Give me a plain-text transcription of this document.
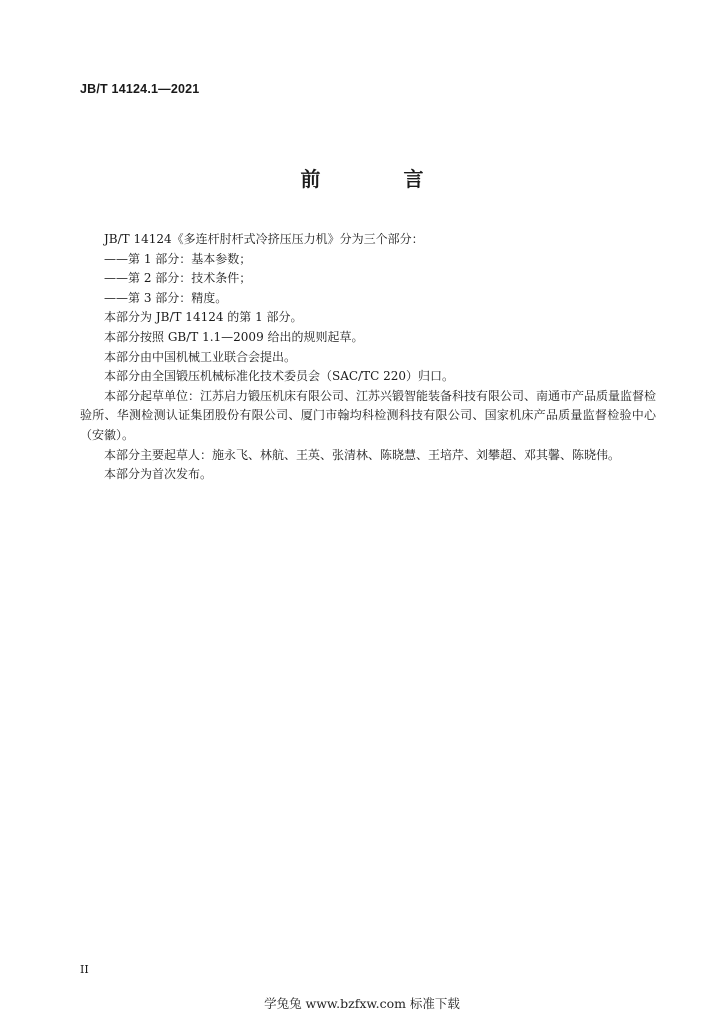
JB/T 14124.1—2021
前 言

JB/T 14124《多连杆肘杆式冷挤压压力机》分为三个部分：

——第 1 部分：基本参数；

——第 2 部分：技术条件；

——第 3 部分：精度。

本部分为 JB/T 14124 的第 1 部分。

本部分按照 GB/T 1.1—2009 给出的规则起草。

本部分由中国机械工业联合会提出。

本部分由全国锻压机械标准化技术委员会（SAC/TC 220）归口。

本部分起草单位：江苏启力锻压机床有限公司、江苏兴锻智能装备科技有限公司、南通市产品质量监督检验所、华测检测认证集团股份有限公司、厦门市翰均科检测科技有限公司、国家机床产品质量监督检验中心（安徽）。

本部分主要起草人：施永飞、林航、王英、张清林、陈晓慧、王培芹、刘攀超、邓其馨、陈晓伟。

本部分为首次发布。

II
学兔兔 www.bzfxw.com 标准下载
